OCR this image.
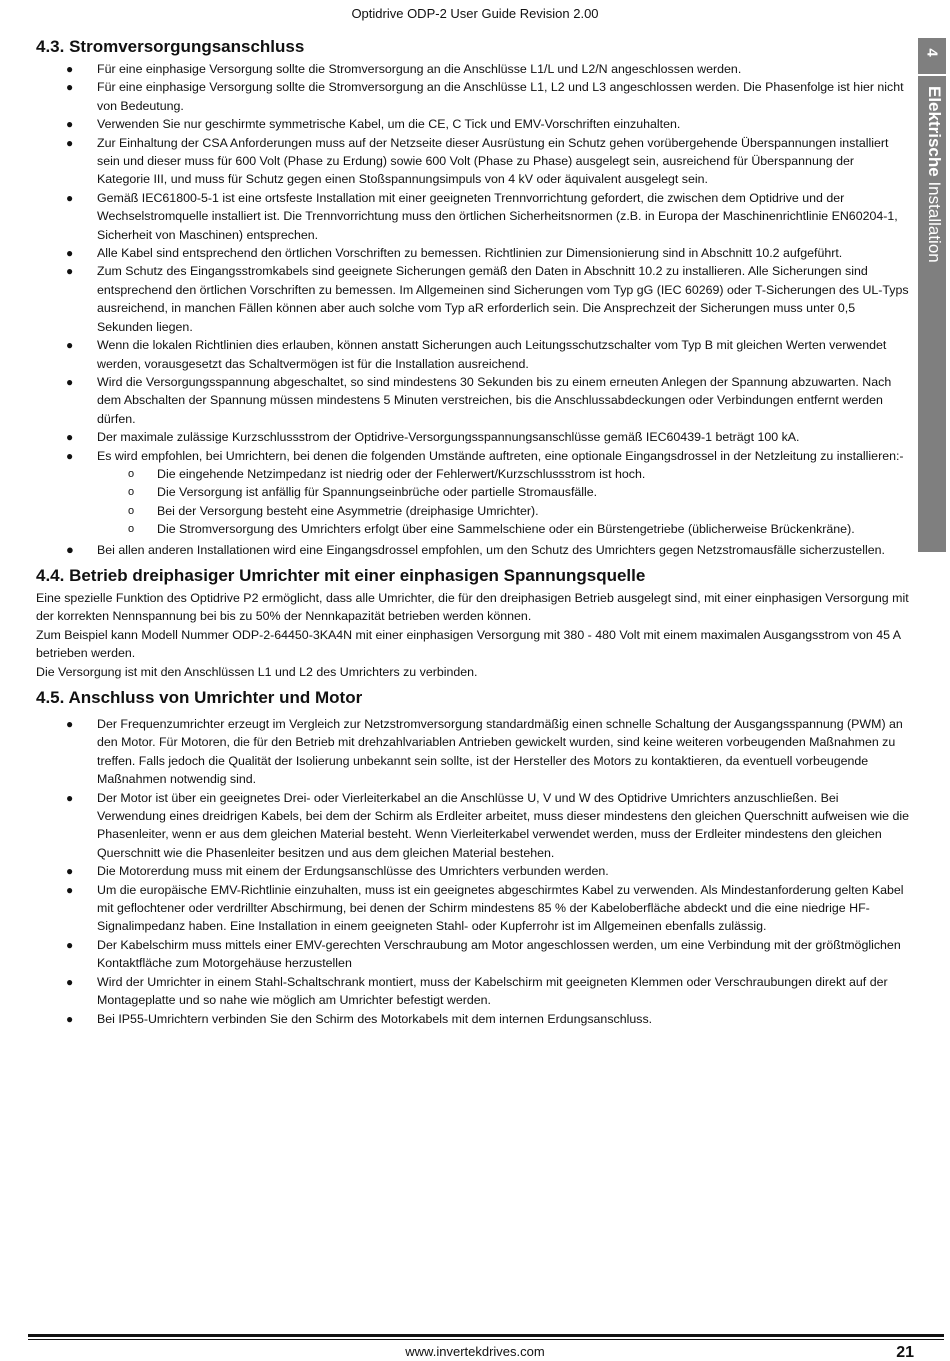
Optidrive ODP-2 User Guide Revision 2.00
4
Elektrische Installation
4.3. Stromversorgungsanschluss
● Für eine einphasige Versorgung sollte die Stromversorgung an die Anschlüsse L1/L und L2/N angeschlossen werden.
● Für eine einphasige Versorgung sollte die Stromversorgung an die Anschlüsse L1, L2 und L3 angeschlossen werden. Die Phasenfolge ist hier nicht von Bedeutung.
● Verwenden Sie nur geschirmte symmetrische Kabel, um die CE, C Tick und EMV-Vorschriften einzuhalten.
● Zur Einhaltung der CSA Anforderungen muss auf der Netzseite dieser Ausrüstung ein Schutz gehen vorübergehende Überspannungen installiert sein und dieser muss für 600 Volt (Phase zu Erdung) sowie 600 Volt (Phase zu Phase) ausgelegt sein, ausreichend für Überspannung der Kategorie III, und muss für Schutz gegen einen Stoßspannungsimpuls von 4 kV oder äquivalent ausgelegt sein.
● Gemäß IEC61800-5-1 ist eine ortsfeste Installation mit einer geeigneten Trennvorrichtung gefordert, die zwischen dem Optidrive und der Wechselstromquelle installiert ist. Die Trennvorrichtung muss den örtlichen Sicherheitsnormen (z.B. in Europa der Maschinenrichtlinie EN60204-1, Sicherheit von Maschinen) entsprechen.
● Alle Kabel sind entsprechend den örtlichen Vorschriften zu bemessen. Richtlinien zur Dimensionierung sind in Abschnitt 10.2 aufgeführt.
● Zum Schutz des Eingangsstromkabels sind geeignete Sicherungen gemäß den Daten in Abschnitt 10.2 zu installieren. Alle Sicherungen sind entsprechend den örtlichen Vorschriften zu bemessen. Im Allgemeinen sind Sicherungen vom Typ gG (IEC 60269) oder T-Sicherungen des UL-Typs ausreichend, in manchen Fällen können aber auch solche vom Typ aR erforderlich sein. Die Ansprechzeit der Sicherungen muss unter 0,5 Sekunden liegen.
● Wenn die lokalen Richtlinien dies erlauben, können anstatt Sicherungen auch Leitungsschutzschalter vom Typ B mit gleichen Werten verwendet werden, vorausgesetzt das Schaltvermögen ist für die Installation ausreichend.
● Wird die Versorgungsspannung abgeschaltet, so sind mindestens 30 Sekunden bis zu einem erneuten Anlegen der Spannung abzuwarten. Nach dem Abschalten der Spannung müssen mindestens 5 Minuten verstreichen, bis die Anschlussabdeckungen oder Verbindungen entfernt werden dürfen.
● Der maximale zulässige Kurzschlussstrom der Optidrive-Versorgungsspannungsanschlüsse gemäß IEC60439-1 beträgt 100 kA.
● Es wird empfohlen, bei Umrichtern, bei denen die folgenden Umstände auftreten, eine optionale Eingangsdrossel in der Netzleitung zu installieren:-
o Die eingehende Netzimpedanz ist niedrig oder der Fehlerwert/Kurzschlussstrom ist hoch.
o Die Versorgung ist anfällig für Spannungseinbrüche oder partielle Stromausfälle.
o Bei der Versorgung besteht eine Asymmetrie (dreiphasige Umrichter).
o Die Stromversorgung des Umrichters erfolgt über eine Sammelschiene oder ein Bürstengetriebe (üblicherweise Brückenkräne).
● Bei allen anderen Installationen wird eine Eingangsdrossel empfohlen, um den Schutz des Umrichters gegen Netzstromausfälle sicherzustellen.
4.4. Betrieb dreiphasiger Umrichter mit einer einphasigen Spannungsquelle

Eine spezielle Funktion des Optidrive P2 ermöglicht, dass alle Umrichter, die für den dreiphasigen Betrieb ausgelegt sind, mit einer einphasigen Versorgung mit der korrekten Nennspannung bei bis zu 50% der Nennkapazität betrieben werden können.

Zum Beispiel kann Modell Nummer ODP-2-64450-3KA4N mit einer einphasigen Versorgung mit 380 - 480 Volt mit einem maximalen Ausgangsstrom von 45 A betrieben werden.

Die Versorgung ist mit den Anschlüssen L1 und L2 des Umrichters zu verbinden.

4.5. Anschluss von Umrichter und Motor
● Der Frequenzumrichter erzeugt im Vergleich zur Netzstromversorgung standardmäßig einen schnelle Schaltung der Ausgangsspannung (PWM) an den Motor. Für Motoren, die für den Betrieb mit drehzahlvariablen Antrieben gewickelt wurden, sind keine weiteren vorbeugenden Maßnahmen zu treffen. Falls jedoch die Qualität der Isolierung unbekannt sein sollte, ist der Hersteller des Motors zu kontaktieren, da eventuell vorbeugende Maßnahmen notwendig sind.
● Der Motor ist über ein geeignetes Drei- oder Vierleiterkabel an die Anschlüsse U, V und W des Optidrive Umrichters anzuschließen. Bei Verwendung eines dreidrigen Kabels, bei dem der Schirm als Erdleiter arbeitet, muss dieser mindestens den gleichen Querschnitt aufweisen wie die Phasenleiter, wenn er aus dem gleichen Material besteht. Wenn Vierleiterkabel verwendet werden, muss der Erdleiter mindestens den gleichen Querschnitt wie die Phasenleiter besitzen und aus dem gleichen Material bestehen.
● Die Motorerdung muss mit einem der Erdungsanschlüsse des Umrichters verbunden werden.
● Um die europäische EMV-Richtlinie einzuhalten, muss ist ein geeignetes abgeschirmtes Kabel zu verwenden. Als Mindestanforderung gelten Kabel mit geflochtener oder verdrillter Abschirmung, bei denen der Schirm mindestens 85 % der Kabeloberfläche abdeckt und die eine niedrige HF-Signalimpedanz haben. Eine Installation in einem geeigneten Stahl- oder Kupferrohr ist im Allgemeinen ebenfalls zulässig.
● Der Kabelschirm muss mittels einer EMV-gerechten Verschraubung am Motor angeschlossen werden, um eine Verbindung mit der größtmöglichen Kontaktfläche zum Motorgehäuse herzustellen
● Wird der Umrichter in einem Stahl-Schaltschrank montiert, muss der Kabelschirm mit geeigneten Klemmen oder Verschraubungen direkt auf der Montageplatte und so nahe wie möglich am Umrichter befestigt werden.
● Bei IP55-Umrichtern verbinden Sie den Schirm des Motorkabels mit dem internen Erdungsanschluss.
www.invertekdrives.com	21
